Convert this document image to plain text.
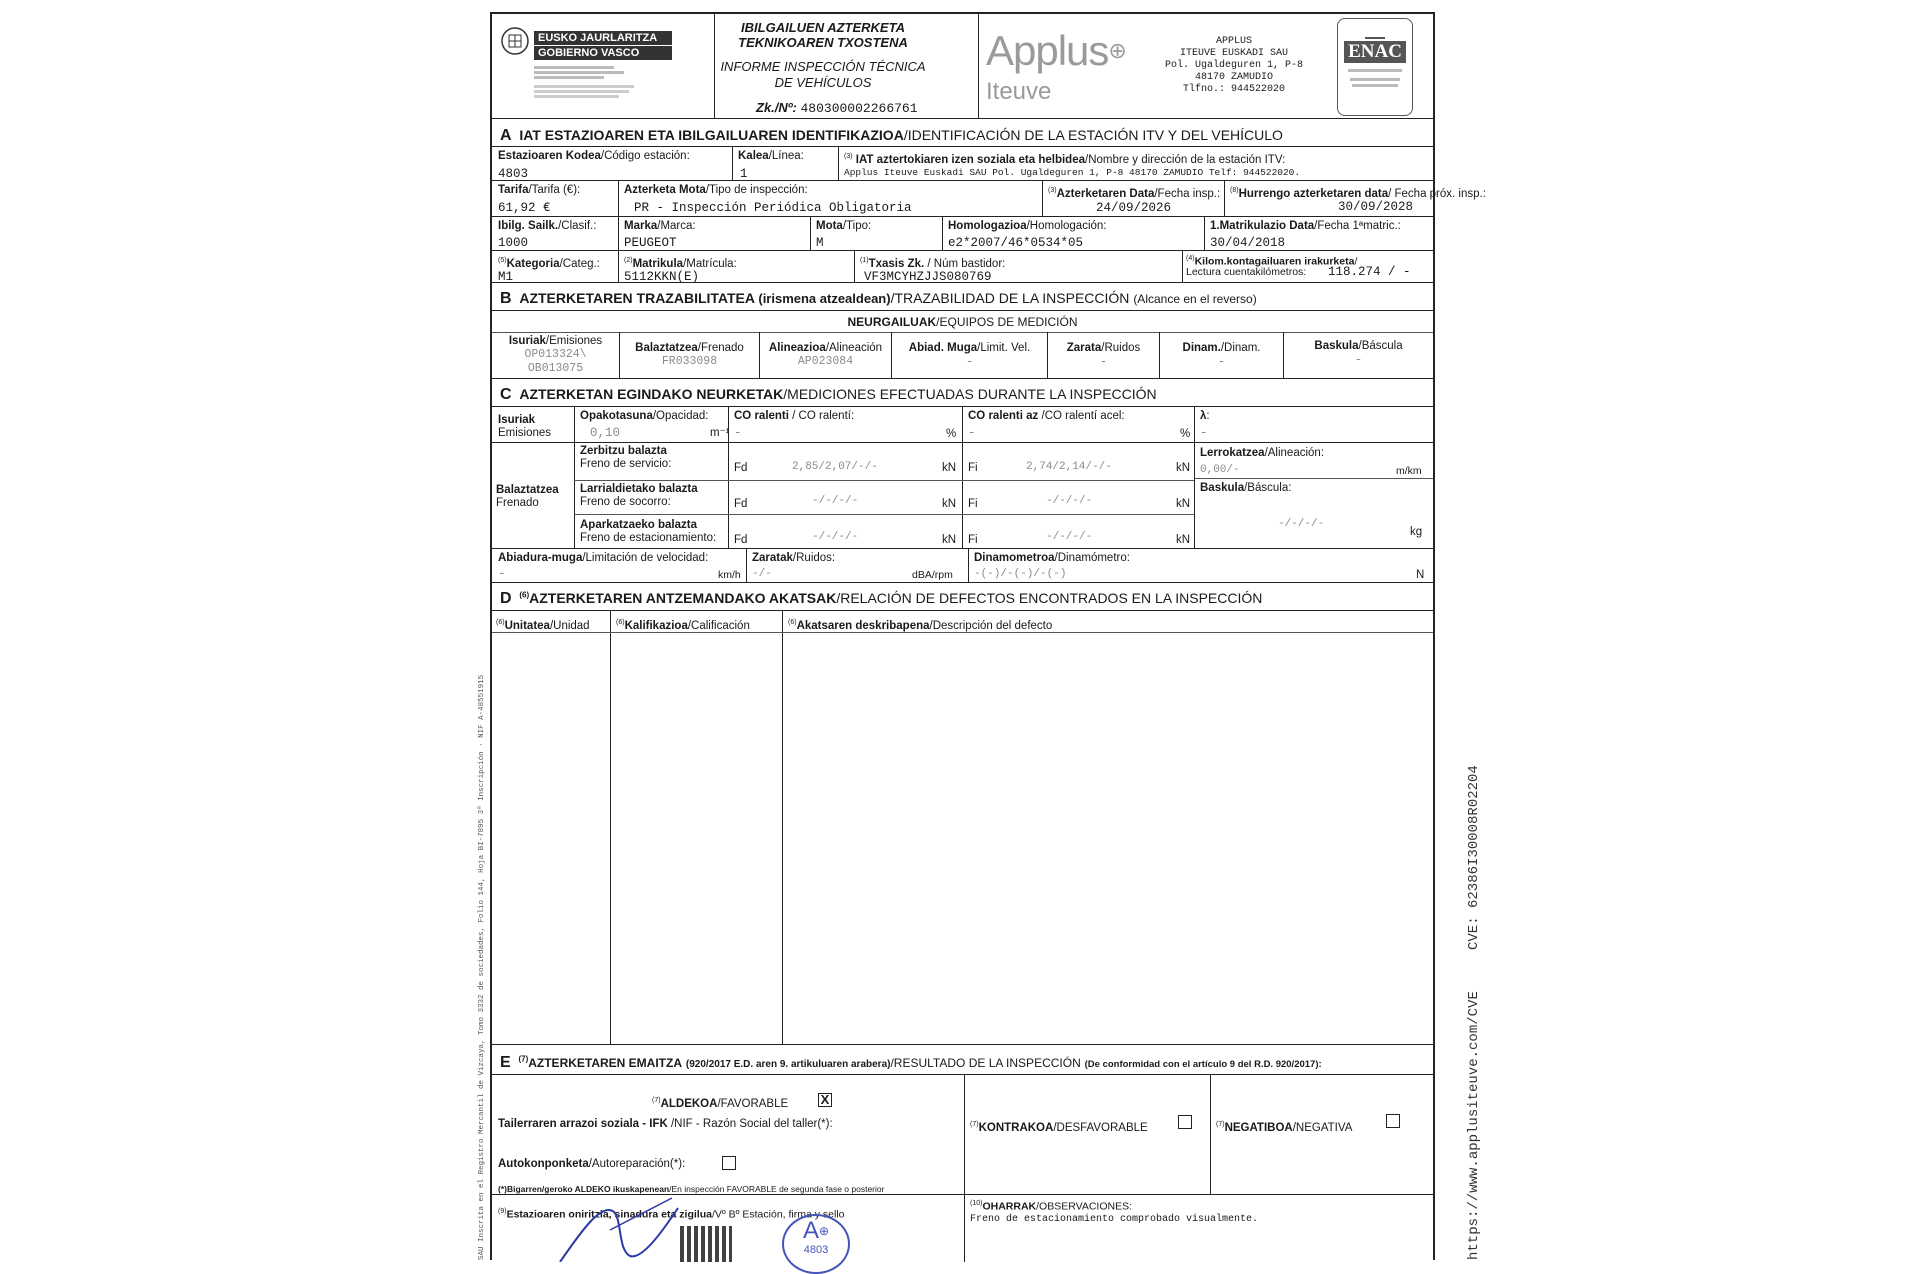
EUSKO JAURLARITZA
GOBIERNO VASCO
IBILGAILUEN AZTERKETA
TEKNIKOAREN TXOSTENA
INFORME INSPECCIÓN TÉCNICA
DE VEHÍCULOS
Zk./Nº: 480300002266761
Applus⊕
Iteuve
APPLUS
ITEUVE EUSKADI SAU
Pol. Ugaldeguren 1, P-8
48170 ZAMUDIO
Tlfno.: 944522020
ENAC
A IAT ESTAZIOAREN ETA IBILGAILUAREN IDENTIFIKAZIOA/IDENTIFICACIÓN DE LA ESTACIÓN ITV Y DEL VEHÍCULO
Estazioaren Kodea/Código estación:
4803
Kalea/Línea:
1
$^{(3)}$ IAT aztertokiaren izen soziala eta helbidea/Nombre y dirección de la estación ITV:
Applus Iteuve Euskadi SAU Pol. Ugaldeguren 1, P-8 48170 ZAMUDIO Telf: 944522020.
Tarifa/Tarifa (€):
61,92 €
Azterketa Mota/Tipo de inspección:
PR - Inspección Periódica Obligatoria
$^{(3)}$Azterketaren Data/Fecha insp.:
24/09/2026
$^{(8)}$Hurrengo azterketaren data/ Fecha próx. insp.:
30/09/2028
Ibilg. Sailk./Clasif.:
1000
Marka/Marca:
PEUGEOT
Mota/Tipo:
M
Homologazioa/Homologación:
e2*2007/46*0534*05
1.Matrikulazio Data/Fecha 1ªmatric.:
30/04/2018
$^{(5)}$Kategoria/Categ.:
M1
$^{(2)}$Matrikula/Matrícula:
5112KKN(E)
$^{(1)}$Txasis Zk. / Núm bastidor:
VF3MCYHZJJS080769
$^{(4)}$Kilom.kontagailuaren irakurketa/
Lectura cuentakilómetros: 118.274 / -
B AZTERKETAREN TRAZABILITATEA (irismena atzealdean)/TRAZABILIDAD DE LA INSPECCIÓN (Alcance en el reverso)
NEURGAILUAK/EQUIPOS DE MEDICIÓN
Isuriak/Emisiones
OP013324\
OB013075
Balaztatzea/Frenado
FR033098
Alineazioa/Alineación
AP023084
Abiad. Muga/Limit. Vel.
-
Zarata/Ruidos
-
Dinam./Dinam.
-
Baskula/Báscula
-
C AZTERKETAN EGINDAKO NEURKETAK/MEDICIONES EFECTUADAS DURANTE LA INSPECCIÓN
Isuriak
Emisiones
Opakotasuna/Opacidad:
0,10	m⁻¹
CO ralenti / CO ralentí:
-	%
CO ralenti az /CO ralentí acel:
-	%
λ:
-
Balaztatzea
Frenado
Zerbitzu balazta
Freno de servicio:	Fd	2,85/2,07/-/-	kN Fi	2,74/2,14/-/-	kN
Larrialdietako balazta
Freno de socorro:	Fd	-/-/-/-	kN Fi	-/-/-/-	kN
Aparkatzaeko balazta
Freno de estacionamiento: Fd	-/-/-/-	kN Fi	-/-/-/-	kN
Lerrokatzea/Alineación:
0,00/-	m/km
Baskula/Báscula:
-/-/-/-
kg
Abiadura-muga/Limitación de velocidad:
-	km/h
Zaratak/Ruidos:
-/-	dBA/rpm
Dinamometroa/Dinamómetro:
-(-)/-(-)/-(-)	N
D $^{(6)}$AZTERKETAREN ANTZEMANDAKO AKATSAK/RELACIÓN DE DEFECTOS ENCONTRADOS EN LA INSPECCIÓN
$^{(6)}$Unitatea/Unidad	$^{(6)}$Kalifikazioa/Calificación	$^{(6)}$Akatsaren deskribapena/Descripción del defecto
E $^{(7)}$AZTERKETAREN EMAITZA (920/2017 E.D. aren 9. artikuluaren arabera)/RESULTADO DE LA INSPECCIÓN (De conformidad con el artículo 9 del R.D. 920/2017):
$^{(7)}$ALDEKOA/FAVORABLE X
Tailerraren arrazoi soziala - IFK /NIF - Razón Social del taller(*):
Autokonponketa/Autoreparación(*):
(*)Bigarren/geroko ALDEKO ikuskapenean/En inspección FAVORABLE de segunda fase o posterior
$^{(7)}$KONTRAKOA/DESFAVORABLE	$^{(7)}$NEGATIBOA/NEGATIVA
$^{(9)}$Estazioaren oniritzia, sinadura eta zigilua/Vº Bº Estación, firma y sello
A⊕
4803
$^{(10)}$OHARRAK/OBSERVACIONES:
Freno de estacionamiento comprobado visualmente.
CVE: 62386I30008R02204
https://www.applusiteuve.com/CVE
SAU Inscrita en el Registro Mercantil de Vizcaya, Tomo 3332 de sociedades, Folio 144, Hoja BI-7895 3ª Inscripción · NIF A-48551915
